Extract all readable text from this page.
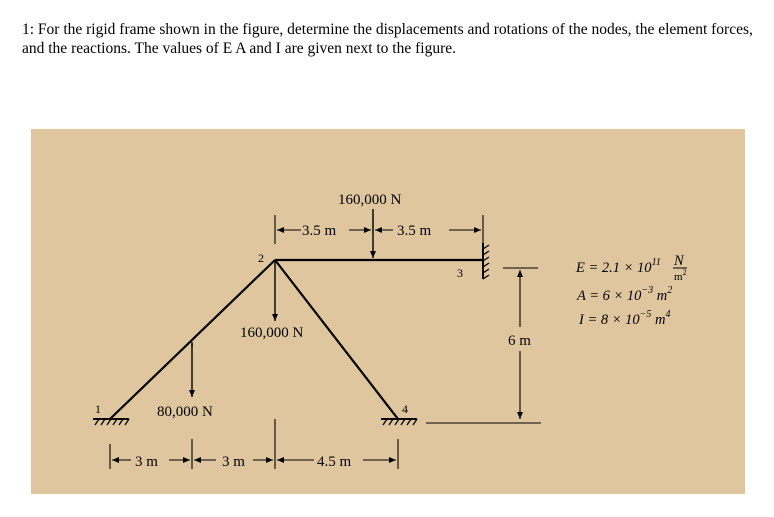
1: For the rigid frame shown in the figure, determine the displacements and rotations of the nodes, the element forces, and the reactions. The values of E A and I are given next to the figure.
160,000 N
160,000 N
80,000 N
3.5 m	3.5 m
3 m	3 m	4.5 m
6 m
1
2
3
4
$E = 2.1 \times 10^{11}$ N
$m^2$
$A = 6 \times 10^{-3}$ $m^2$
$I = 8 \times 10^{-5}$ $m^4$
